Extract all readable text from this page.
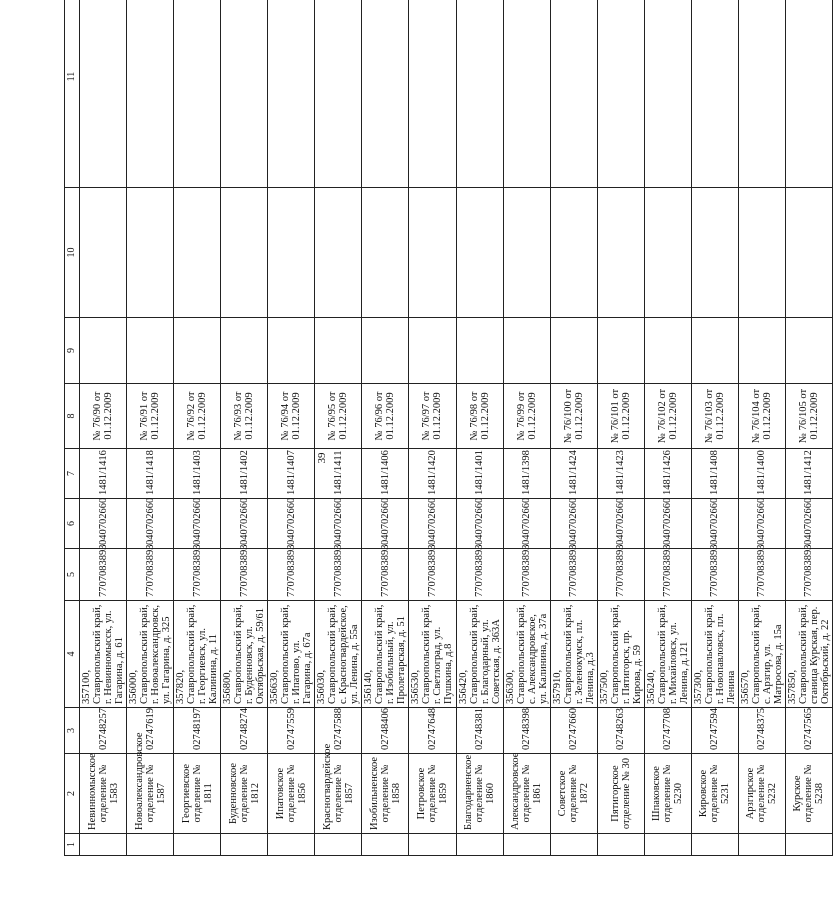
39
1	2	3	4	5	6	7	8	9	10	11
	Невинномысское отделение № 1583	02748257	357100, Ставропольский край, г. Невинномысск, ул. Гагарина, д. 61	7707083893	040702660	1481/1416	№ 76/90 от 01.12.2009			
	Новоалександровское отделение № 1587	02747619	356000, Ставропольский край, г. Новоалександровск, ул. Гагарина, д. 325	7707083893	040702660	1481/1418	№ 76/91 от 01.12.2009			
	Георгиевское отделение № 1811	02748197	357820, Ставропольский край, г. Георгиевск, ул. Калинина, д. 11	7707083893	040702660	1481/1403	№ 76/92 от 01.12.2009			
	Буденновское отделение № 1812	02748274	356800, Ставропольский край, г. Буденновск, ул. Октябрьская, д. 59/61	7707083893	040702660	1481/1402	№ 76/93 от 01.12.2009			
	Ипатовское отделение № 1856	02747559	356630, Ставропольский край, г. Ипатово, ул. Гагарина, д. 67а	7707083893	040702660	1481/1407	№ 76/94 от 01.12.2009			
	Красногвардейское отделение № 1857	02747588	356030, Ставропольский край, с. Красногвардейское, ул. Ленина, д. 55а	7707083893	040702660	1481/1411	№ 76/95 от 01.12.2009			
	Изобильненское отделение № 1858	02748406	356140, Ставропольский край, г. Изобильный, ул. Пролетарская, д. 51	7707083893	040702660	1481/1406	№ 76/96 от 01.12.2009			
	Петровское отделение № 1859	02747648	356530, Ставропольский край, г. Светлоград, ул. Пушкина, д.8	7707083893	040702660	1481/1420	№ 76/97 от 01.12.2009			
	Благодарненское отделение № 1860	02748381	356420, Ставропольский край, г. Благодарный, ул. Советская, д. 363А	7707083893	040702660	1481/1401	№ 76/98 от 01.12.2009			
	Александровское отделение № 1861	02748398	356300, Ставропольский край, с. Александровское, ул. Калинина, д. 37а	7707083893	040702660	1481/1398	№ 76/99 от 01.12.2009			
	Советское отделение № 1872	02747660	357910, Ставропольский край, г. Зеленокумск, пл. Ленина, д.3	7707083893	040702660	1481/1424	№ 76/100 от 01.12.2009			
	Пятигорское отделение № 30	02748263	357500, Ставропольский край, г. Пятигорск, пр. Кирова, д. 59	7707083893	040702660	1481/1423	№ 76/101 от 01.12.2009			
	Шпаковское отделение № 5230	02747708	356240, Ставропольский край, г. Михайловск, ул. Ленина, д.121	7707083893	040702660	1481/1426	№ 76/102 от 01.12.2009			
	Кировское отделение № 5231	02747594	357300, Ставропольский край, г. Новопавловск, пл. Ленина	7707083893	040702660	1481/1408	№ 76/103 от 01.12.2009			
	Арзгирское отделение № 5232	02748375	356570, Ставропольский край, с. Арзгир, ул. Матросова, д. 15а	7707083893	040702660	1481/1400	№ 76/104 от 01.12.2009			
	Курское отделение № 5238	02747565	357850, Ставропольский край, станица Курская, пер. Октябрьский, д. 22	7707083893	040702660	1481/1412	№ 76/105 от 01.12.2009			
